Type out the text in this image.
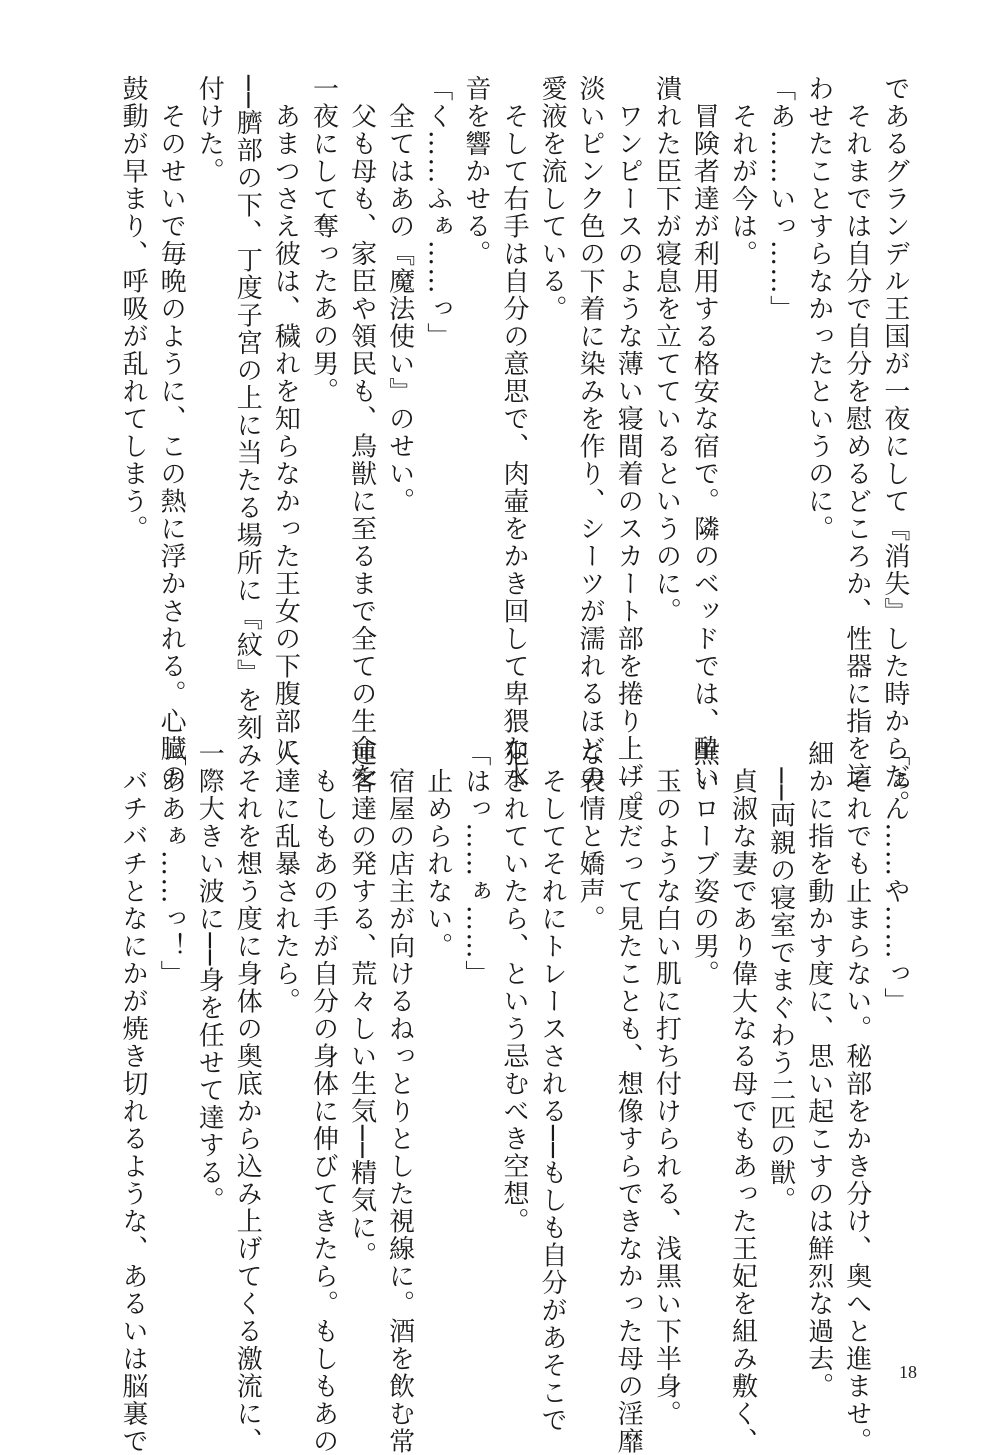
であるグランデル王国が一夜にして『消失』した時からだ。
　それまでは自分で自分を慰めるどころか、性器に指を這
わせたことすらなかったというのに。
「あ……いっ……」
　それが今は。
　冒険者達が利用する格安な宿で。隣のベッドでは、酔い
潰れた臣下が寝息を立てているというのに。
　ワンピースのような薄い寝間着のスカート部を捲り上げ。
淡いピンク色の下着に染みを作り、シーツが濡れるほどの
愛液を流している。
　そして右手は自分の意思で、肉壷をかき回して卑猥な水
音を響かせる。
「く……ふぁ……っ」
　全てはあの『魔法使い』のせい。
　父も母も、家臣や領民も、鳥獣に至るまで全ての生命を
一夜にして奪ったあの男。
　あまつさえ彼は、穢れを知らなかった王女の下腹部に
──臍部の下、丁度子宮の上に当たる場所に『紋』を刻み
付けた。
　そのせいで毎晩のように、この熱に浮かされる。心臓の
鼓動が早まり、呼吸が乱れてしまう。
「ぁん……や……っ」
　それでも止まらない。秘部をかき分け、奥へと進ませ。
細かに指を動かす度に、思い起こすのは鮮烈な過去。
　──両親の寝室でまぐわう二匹の獣。
　貞淑な妻であり偉大なる母でもあった王妃を組み敷く、
黒いローブ姿の男。
　玉のような白い肌に打ち付けられる、浅黒い下半身。
　一度だって見たことも、想像すらできなかった母の淫靡
な表情と嬌声。
　そしてそれにトレースされる──もしも自分があそこで
犯されていたら、という忌むべき空想。
「はっ……ぁ……」
　止められない。
　宿屋の店主が向けるねっとりとした視線に。酒を飲む常
連客達の発する、荒々しい生気──精気に。
　もしもあの手が自分の身体に伸びてきたら。もしもあの
人達に乱暴されたら。
　それを想う度に身体の奥底から込み上げてくる激流に、
一際大きい波に──身を任せて達する。
「ああぁ……っ！」
　バチバチとなにかが焼き切れるような、あるいは脳裏で	18
